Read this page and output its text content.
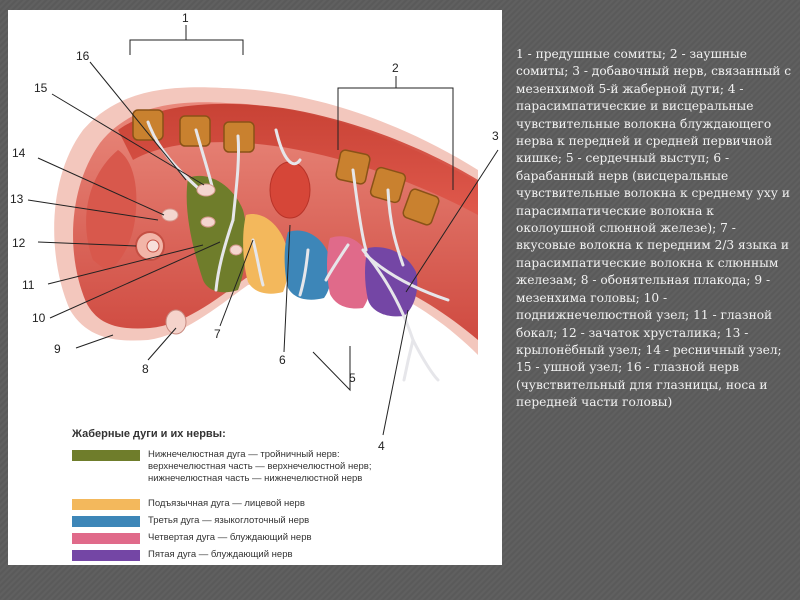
1
2
3
4
5
6
7
8
9
10
11
12
13
14
15
16
Жаберные дуги и их нервы:
Нижнечелюстная дуга — тройничный нерв:
верхнечелюстная часть — верхнечелюстной нерв;
нижнечелюстная часть — нижнечелюстной нерв
Подъязычная дуга — лицевой нерв
Третья дуга — языкоглоточный нерв
Четвертая дуга — блуждающий нерв
Пятая дуга — блуждающий нерв

1 - предушные сомиты; 2 - заушные сомиты; 3 - добавочный нерв, связанный с мезенхимой 5-й жаберной дуги; 4 - парасимпатические и висцеральные чувствительные волокна блуждающего нерва к передней и средней первичной кишке; 5 - сердечный выступ; 6 - барабанный нерв (висцеральные чувствительные волокна к среднему уху и парасимпатические волокна к околоушной слюнной железе); 7 - вкусовые волокна к передним 2/3 языка и парасимпатические волокна к слюнным железам; 8 - обонятельная плакода; 9 - мезенхима головы; 10 - поднижнечелюстной узел; 11 - глазной бокал; 12 - зачаток хрусталика; 13 - крылонёбный узел; 14 - ресничный узел; 15 - ушной узел; 16 - глазной нерв (чувствительный для глазницы, носа и передней части головы)
